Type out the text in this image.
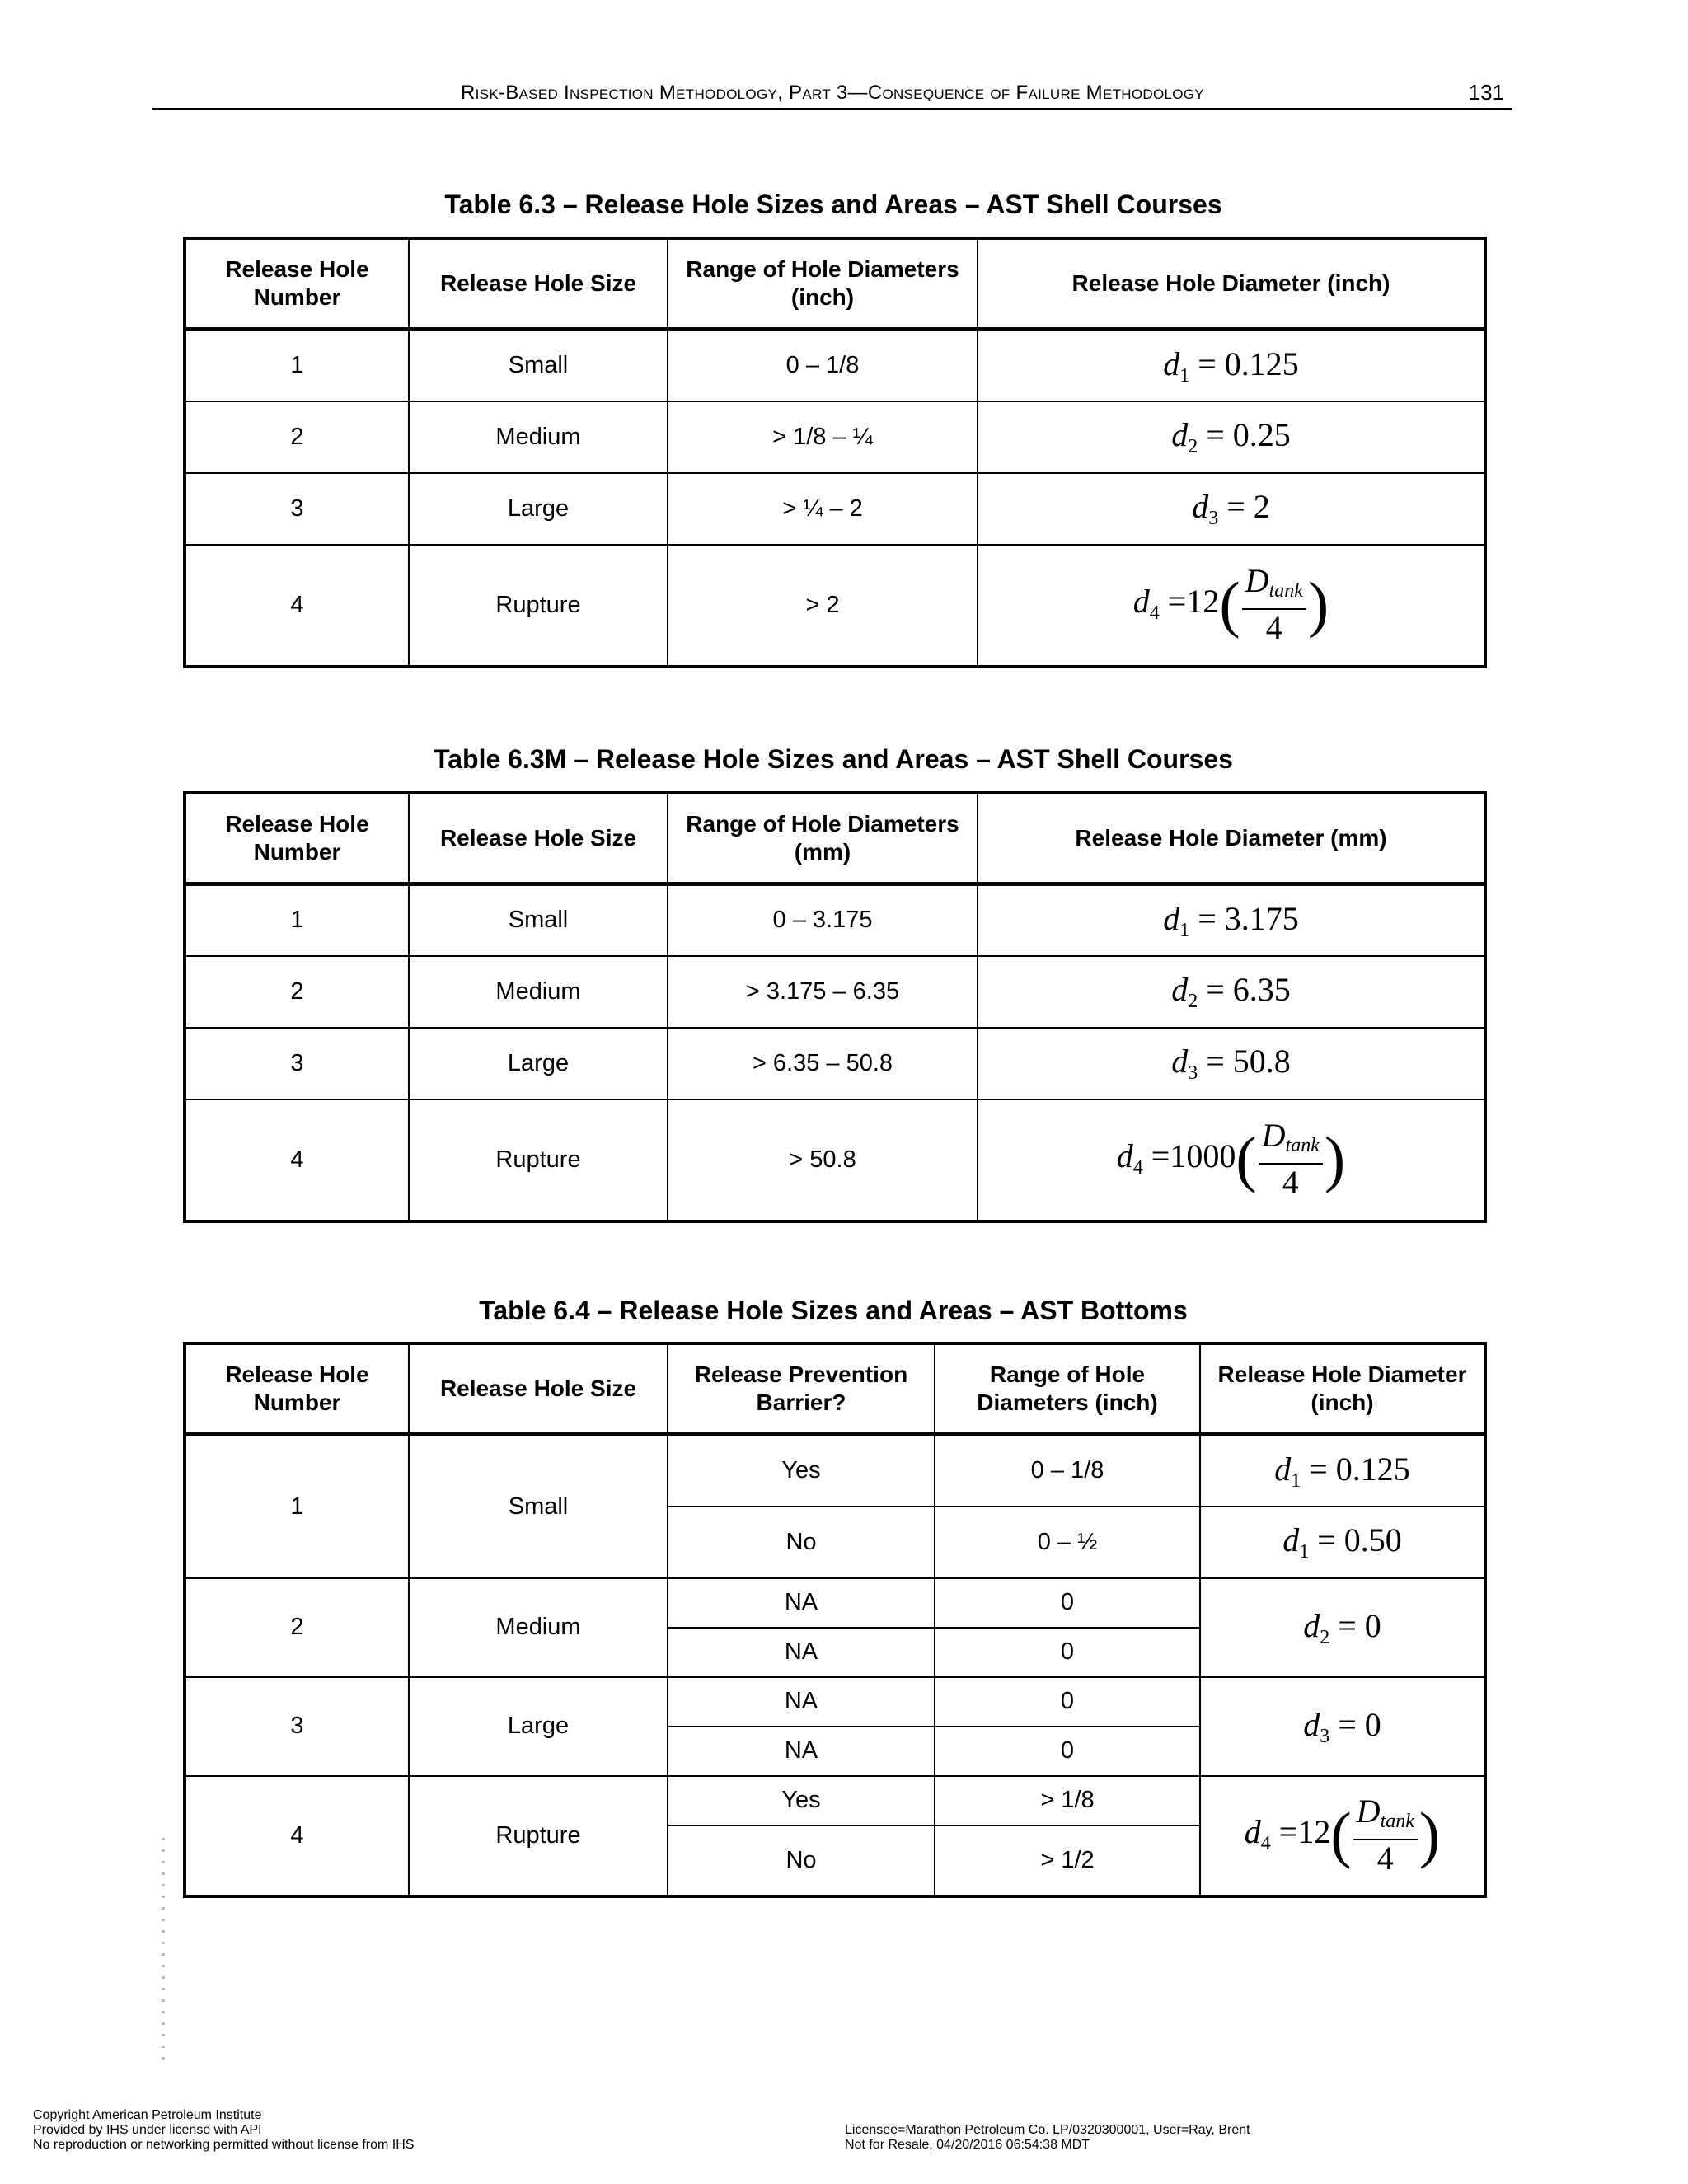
Risk-Based Inspection Methodology, Part 3—Consequence of Failure Methodology	131
Table 6.3 – Release Hole Sizes and Areas – AST Shell Courses
Release Hole Number	Release Hole Size	Range of Hole Diameters (inch)	Release Hole Diameter (inch)
1	Small	0 – 1/8	$d_1 = 0.125$
2	Medium	> 1/8 – ¼	$d_2 = 0.25$
3	Large	> ¼ – 2	$d_3 = 2$
4	Rupture	> 2	$d_4 =12( \frac{D_{tank}}{4}$ )
Table 6.3M – Release Hole Sizes and Areas – AST Shell Courses
Release Hole Number	Release Hole Size	Range of Hole Diameters (mm)	Release Hole Diameter (mm)
1	Small	0 – 3.175	$d_1 = 3.175$
2	Medium	> 3.175 – 6.35	$d_2 = 6.35$
3	Large	> 6.35 – 50.8	$d_3 = 50.8$
4	Rupture	> 50.8	$d_4 =1000( \frac{D_{tank}}{4}$ )
Table 6.4 – Release Hole Sizes and Areas – AST Bottoms
Release Hole Number	Release Hole Size	Release Prevention Barrier?	Range of Hole Diameters (inch)	Release Hole Diameter (inch)
1	Small	Yes	0 – 1/8	$d_1 = 0.125$
		No	0 – ½	$d_1 = 0.50$
2	Medium	NA	0	$d_2 = 0$
		NA	0	
3	Large	NA	0	$d_3 = 0$
		NA	0	
4	Rupture	Yes	> 1/8	$d_4 =12( \frac{D_{tank}}{4}$ )
		No	> 1/2	
Copyright American Petroleum Institute
Provided by IHS under license with API
No reproduction or networking permitted without license from IHS
Licensee=Marathon Petroleum Co. LP/0320300001, User=Ray, Brent
Not for Resale, 04/20/2016 06:54:38 MDT
